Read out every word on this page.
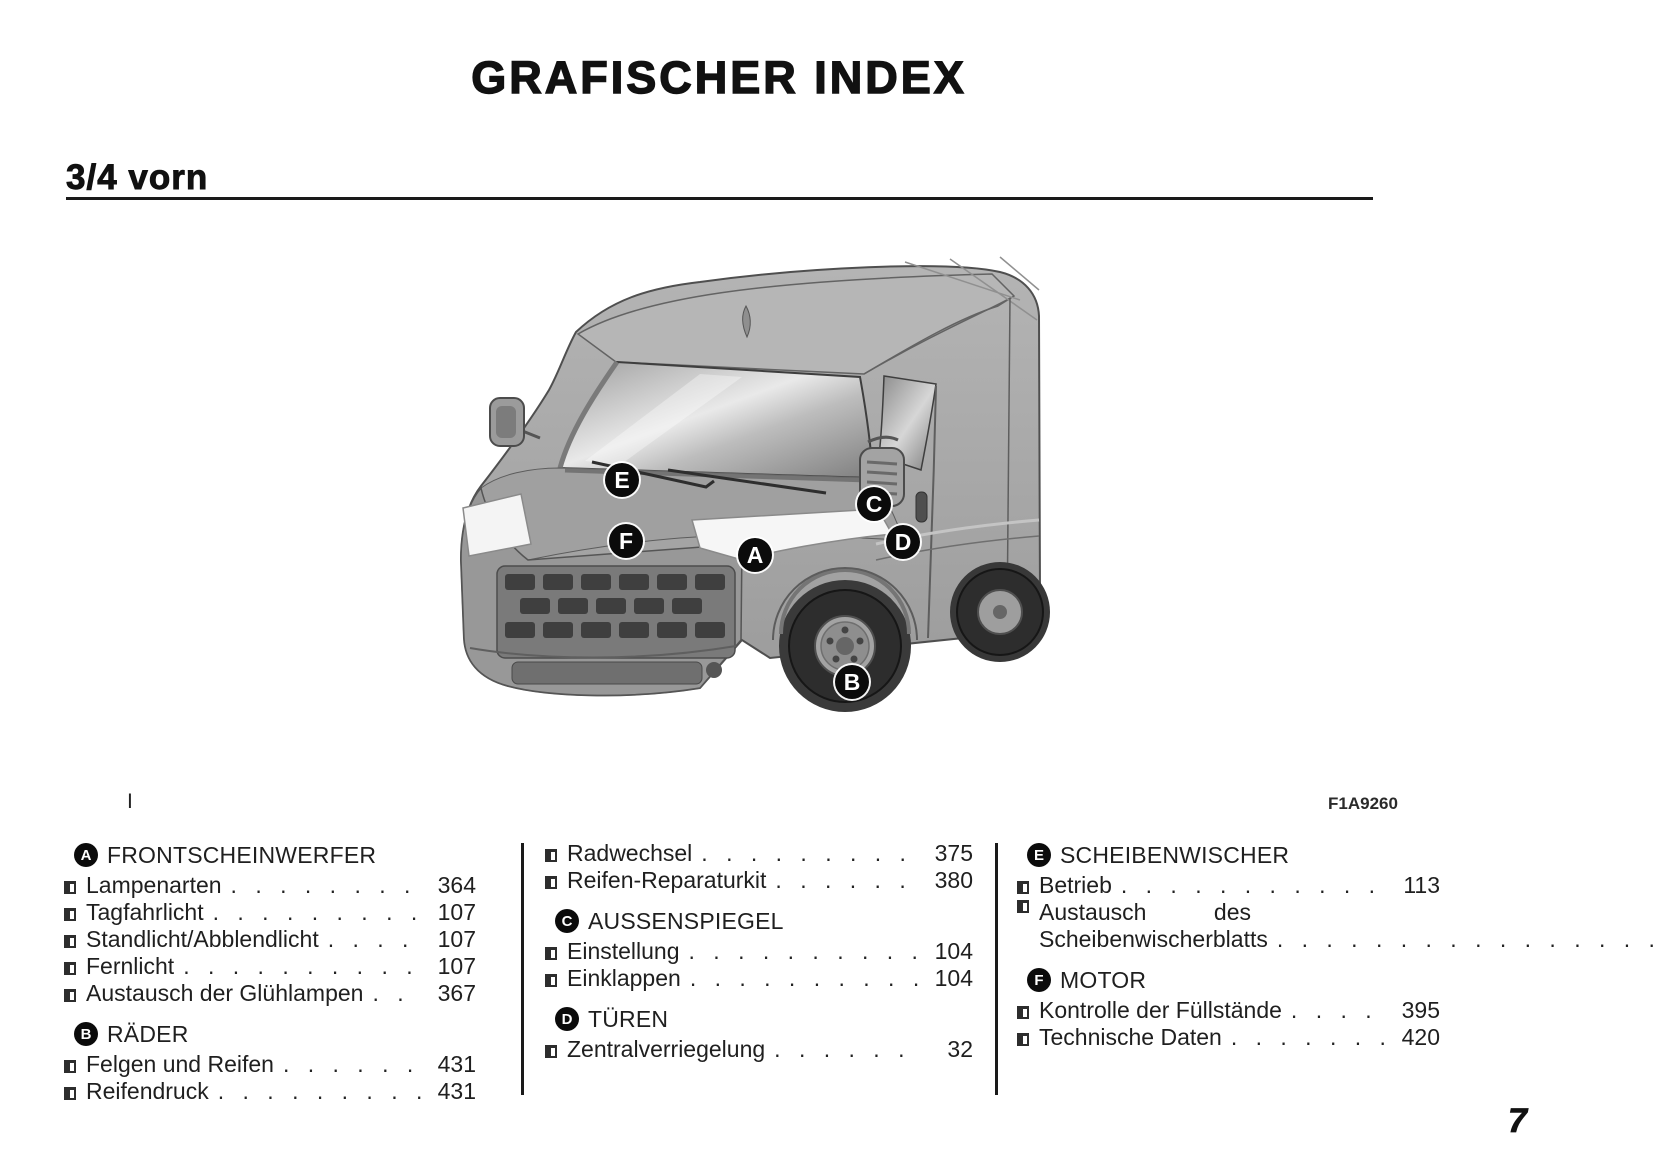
GRAFISCHER INDEX
3/4 vorn
E
F
A
C
D
B
I	F1A9260
A FRONTSCHEINWERFER
Lampenarten . . .	364
Tagfahrlicht . . .	107
Standlicht/Abblendlicht . . .	107
Fernlicht . . .	107
Austausch der Glühlampen . . .	367
B RÄDER
Felgen und Reifen . . .	431
Reifendruck . . .	431
Radwechsel . . .	375
Reifen-Reparaturkit . . .	380
C AUSSENSPIEGEL
Einstellung . . .	104
Einklappen . . .	104
D TÜREN
Zentralverriegelung . . .	32
E SCHEIBENWISCHER
Betrieb . . .	113
Austausch des
Scheibenwischerblatts
. . .
F MOTOR
Kontrolle der Füllstände . . .	395
Technische Daten . . .	420
7
